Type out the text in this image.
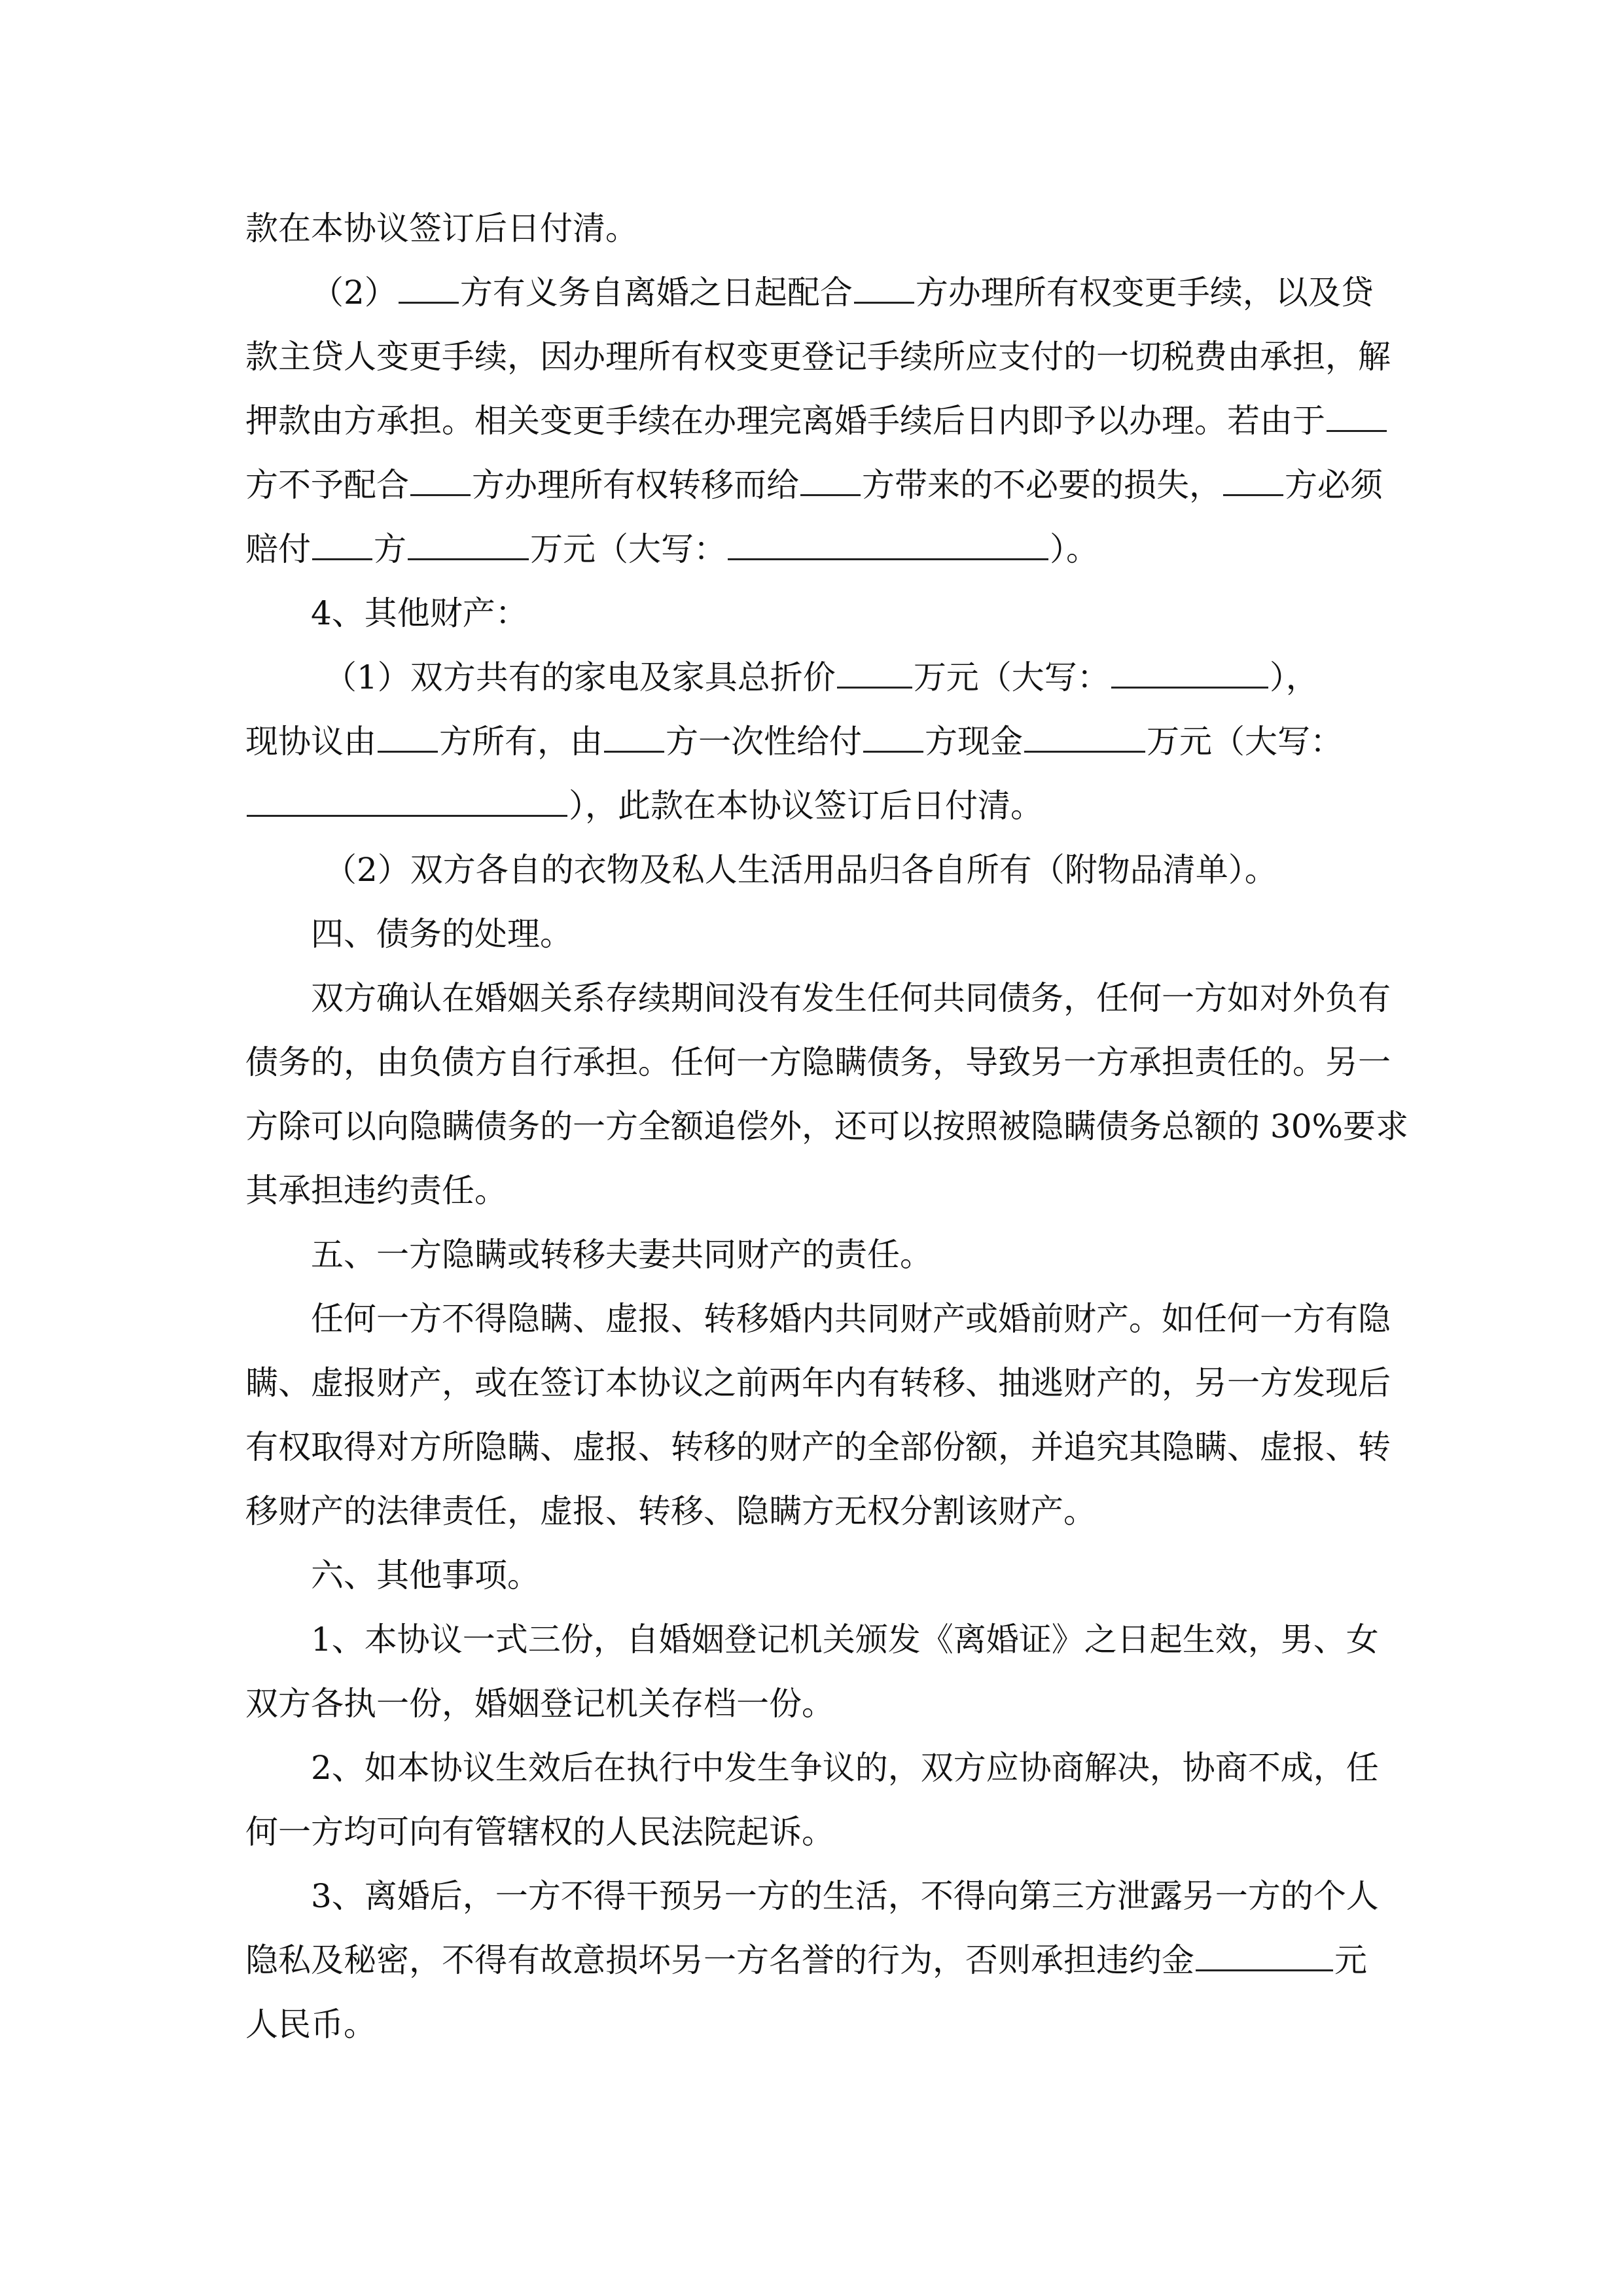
款在本协议签订后日付清。
（2） 方有义务自离婚之日起配合 方办理所有权变更手续，以及贷
款主贷人变更手续，因办理所有权变更登记手续所应支付的一切税费由承担，解
押款由方承担。相关变更手续在办理完离婚手续后日内即予以办理。若由于
方不予配合 方办理所有权转移而给 方带来的不必要的损失， 方必须
赔付 方	万元（大写：	）。
4、其他财产：
（1）双方共有的家电及家具总折价 万元（大写：	），
现协议由 方所有，由 方一次性给付 方现金	万元（大写：
），此款在本协议签订后日付清。
（2）双方各自的衣物及私人生活用品归各自所有（附物品清单）。
四、债务的处理。
双方确认在婚姻关系存续期间没有发生任何共同债务，任何一方如对外负有
债务的，由负债方自行承担。任何一方隐瞒债务，导致另一方承担责任的。另一
方除可以向隐瞒债务的一方全额追偿外，还可以按照被隐瞒债务总额的 30%要求
其承担违约责任。
五、一方隐瞒或转移夫妻共同财产的责任。
任何一方不得隐瞒、虚报、转移婚内共同财产或婚前财产。如任何一方有隐
瞒、虚报财产，或在签订本协议之前两年内有转移、抽逃财产的，另一方发现后
有权取得对方所隐瞒、虚报、转移的财产的全部份额，并追究其隐瞒、虚报、转
移财产的法律责任，虚报、转移、隐瞒方无权分割该财产。
六、其他事项。
1、本协议一式三份，自婚姻登记机关颁发《离婚证》之日起生效，男、女
双方各执一份，婚姻登记机关存档一份。
2、如本协议生效后在执行中发生争议的，双方应协商解决，协商不成，任
何一方均可向有管辖权的人民法院起诉。
3、离婚后，一方不得干预另一方的生活，不得向第三方泄露另一方的个人
隐私及秘密，不得有故意损坏另一方名誉的行为，否则承担违约金	元
人民币。
